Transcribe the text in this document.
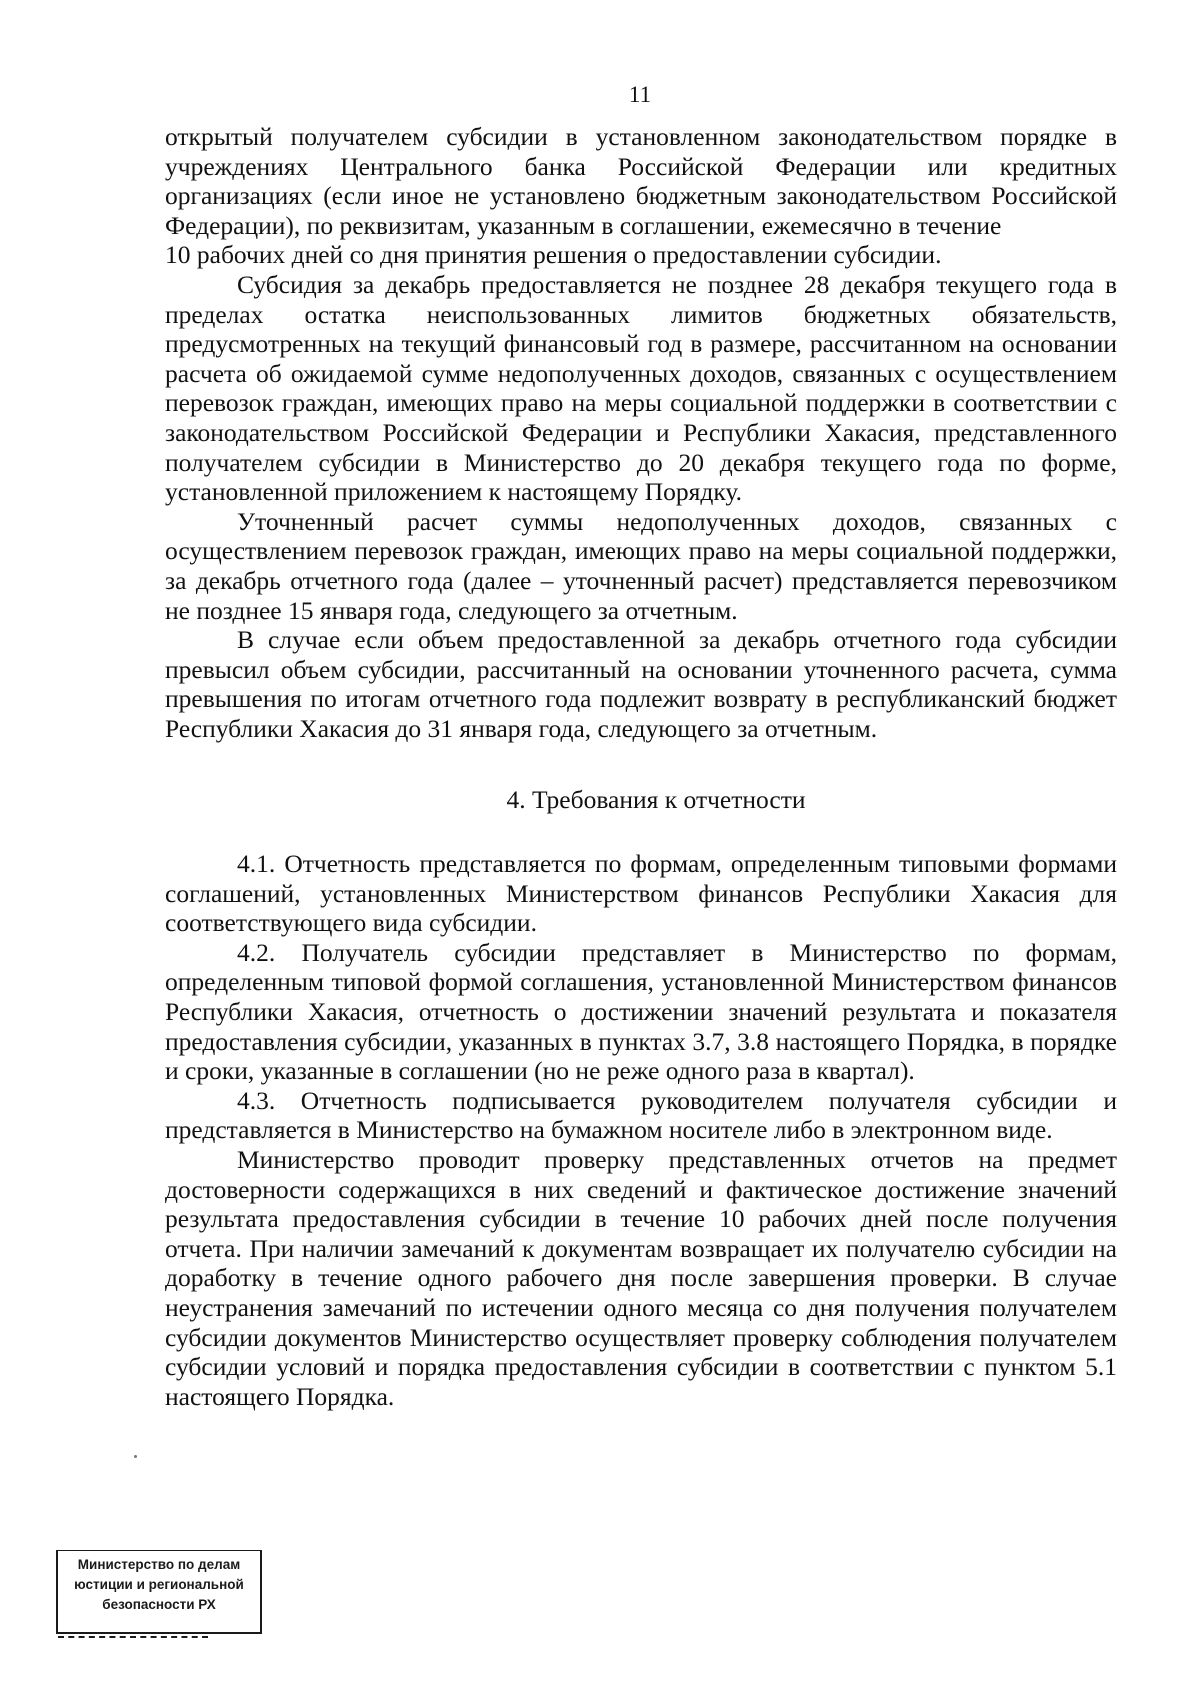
11

открытый получателем субсидии в установленном законодательством порядке в учреждениях Центрального банка Российской Федерации или кредитных организациях (если иное не установлено бюджетным законодательством Российской Федерации), по реквизитам, указанным в соглашении, ежемесячно в течение

10 рабочих дней со дня принятия решения о предоставлении субсидии.

Субсидия за декабрь предоставляется не позднее 28 декабря текущего года в пределах остатка неиспользованных лимитов бюджетных обязательств, предусмотренных на текущий финансовый год в размере, рассчитанном на основании расчета об ожидаемой сумме недополученных доходов, связанных с осуществлением перевозок граждан, имеющих право на меры социальной поддержки в соответствии с законодательством Российской Федерации и Республики Хакасия, представленного получателем субсидии в Министерство до 20 декабря текущего года по форме, установленной приложением к настоящему Порядку.

Уточненный расчет суммы недополученных доходов, связанных с осуществлением перевозок граждан, имеющих право на меры социальной поддержки, за декабрь отчетного года (далее – уточненный расчет) представляется перевозчиком не позднее 15 января года, следующего за отчетным.

В случае если объем предоставленной за декабрь отчетного года субсидии превысил объем субсидии, рассчитанный на основании уточненного расчета, сумма превышения по итогам отчетного года подлежит возврату в республиканский бюджет Республики Хакасия до 31 января года, следующего за отчетным.

4. Требования к отчетности

4.1. Отчетность представляется по формам, определенным типовыми формами соглашений, установленных Министерством финансов Республики Хакасия для соответствующего вида субсидии.

4.2. Получатель субсидии представляет в Министерство по формам, определенным типовой формой соглашения, установленной Министерством финансов Республики Хакасия, отчетность о достижении значений результата и показателя предоставления субсидии, указанных в пунктах 3.7, 3.8 настоящего Порядка, в порядке и сроки, указанные в соглашении (но не реже одного раза в квартал).

4.3. Отчетность подписывается руководителем получателя субсидии и представляется в Министерство на бумажном носителе либо в электронном виде.

Министерство проводит проверку представленных отчетов на предмет достоверности содержащихся в них сведений и фактическое достижение значений результата предоставления субсидии в течение 10 рабочих дней после получения отчета. При наличии замечаний к документам возвращает их получателю субсидии на доработку в течение одного рабочего дня после завершения проверки. В случае неустранения замечаний по истечении одного месяца со дня получения получателем субсидии документов Министерство осуществляет проверку соблюдения получателем субсидии условий и порядка предоставления субсидии в соответствии с пунктом 5.1 настоящего Порядка.

Министерство по делам
юстиции и региональной
безопасности РХ
